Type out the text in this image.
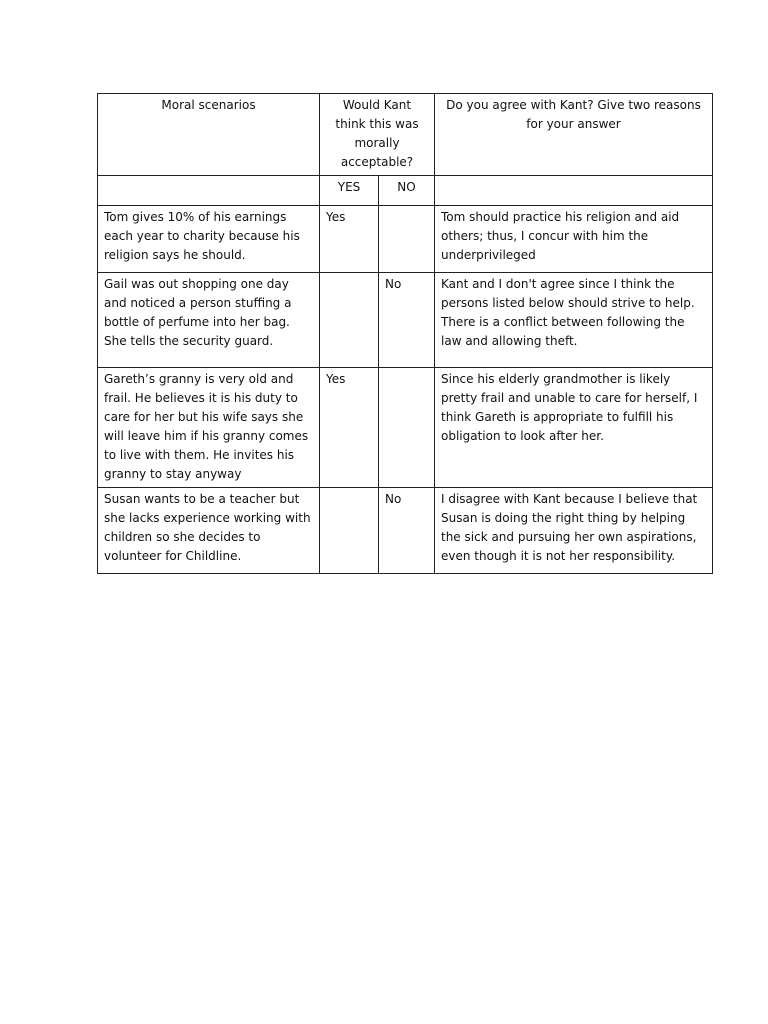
Moral scenarios	Would Kant think this was morally acceptable?		Do you agree with Kant? Give two reasons for your answer
	YES	NO	
Tom gives 10% of his earnings each year to charity because his religion says he should.	Yes		Tom should practice his religion and aid others; thus, I concur with him the underprivileged
Gail was out shopping one day and noticed a person stuffing a bottle of perfume into her bag. She tells the security guard.		No	Kant and I don't agree since I think the persons listed below should strive to help. There is a conflict between following the law and allowing theft.
Gareth’s granny is very old and frail. He believes it is his duty to care for her but his wife says she will leave him if his granny comes to live with them. He invites his granny to stay anyway	Yes		Since his elderly grandmother is likely pretty frail and unable to care for herself, I think Gareth is appropriate to fulfill his obligation to look after her.
Susan wants to be a teacher but she lacks experience working with children so she decides to volunteer for Childline.		No	I disagree with Kant because I believe that Susan is doing the right thing by helping the sick and pursuing her own aspirations, even though it is not her responsibility.
